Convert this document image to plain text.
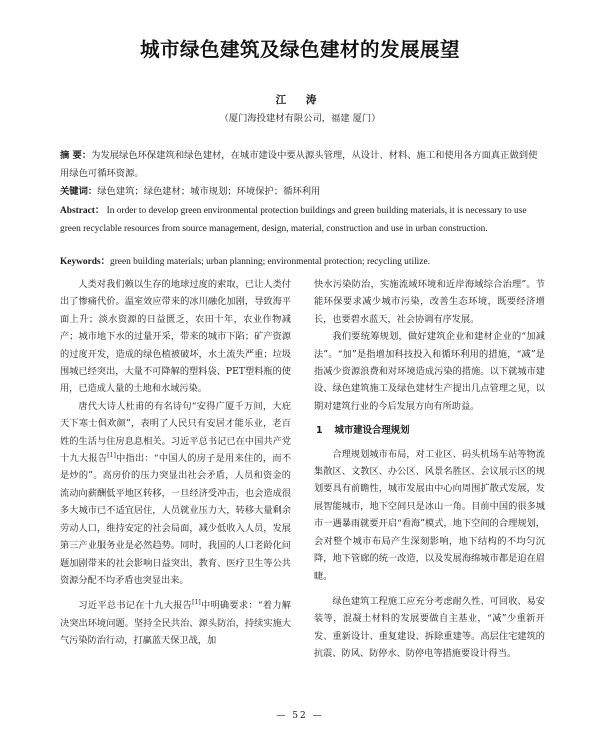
城市绿色建筑及绿色建材的发展展望
江 涛
（厦门海投建材有限公司，福建 厦门）
摘 要：为发展绿色环保建筑和绿色建材，在城市建设中要从源头管理，从设计、材料、施工和使用各方面真正做到使用绿色可循环资源。
关键词：绿色建筑；绿色建材；城市规划；环境保护；循环利用
Abstract： In order to develop green environmental protection buildings and green building materials, it is necessary to use green recyclable resources from source management, design, material, construction and use in urban construction.
Keywords：green building materials; urban planning; environmental protection; recycling utilize.

人类对我们赖以生存的地球过度的索取，已让人类付出了惨痛代价。温室效应带来的冰川融化加剧，导致海平面上升；淡水资源的日益匮乏，农田十年，农业作物减产；城市地下水的过量开采，带来的城市下陷；矿产资源的过度开发，造成的绿色植被破坏，水土流失严重；垃圾围城已经突出，大量不可降解的塑料袋、PET塑料瓶的使用，已造成人量的土地和水域污染。

唐代大诗人杜甫的有名诗句“安得广厦千万间，大庇天下寒士俱欢颜”，表明了人民只有安居才能乐业，老百姓的生活与住房息息相关。习近平总书记已在中国共产党十九大报告[1]中指出：“中国人的房子是用来住的，而不是炒的”。高房价的压力突显出社会矛盾，人员和资金的流动向薪酬低平地区转移，一旦经济受冲击，也会造成很多大城市已不适宜居住，人员就业压力大，转移大量剩余劳动人口，维持安定的社会局面，减少低收入人员，发展第三产业服务业是必然趋势。同时，我国的人口老龄化问题加剧带来的社会影响日益突出，教育、医疗卫生等公共资源分配不均矛盾也突显出来。

习近平总书记在十九大报告[1]中明确要求：“着力解决突出环境问题。坚持全民共治、源头防治，持续实施大气污染防治行动，打赢蓝天保卫战，加

快水污染防治，实施流域环境和近岸海域综合治理”。节能环保要求减少城市污染，改善生态环境，既要经济增长，也要碧水蓝天，社会协调有序发展。

我们要统筹规划，做好建筑企业和建材企业的“加减法”。“加”是指增加科技投入和循环利用的措施，“减”是指减少资源浪费和对环境造成污染的措施。以下就城市建设、绿色建筑施工及绿色建材生产提出几点管理之见，以期对建筑行业的今后发展方向有所助益。

1 城市建设合理规划

合理规划城市布局，对工业区、码头机场车站等物流集散区、文教区、办公区、风景名胜区、会议展示区的规划要具有前瞻性，城市发展由中心向周围扩散式发展，发展智能城市，地下空间只是冰山一角。目前中国的很多城市一遇暴雨就要开启“看海”模式，地下空间的合理规划，会对整个城市布局产生深刻影响，地下结构的不均匀沉降，地下管廊的统一改造，以及发展海绵城市都是迫在眉睫。

绿色建筑工程施工应充分考虑耐久性、可回收、易安装等，混凝土材料的发展要做自主基业，“减”少重新开发、重新设计、重复建设、拆除重建等。高层住宅建筑的抗震、防风、防停水、防停电等措施要设计得当。

— 52 —
